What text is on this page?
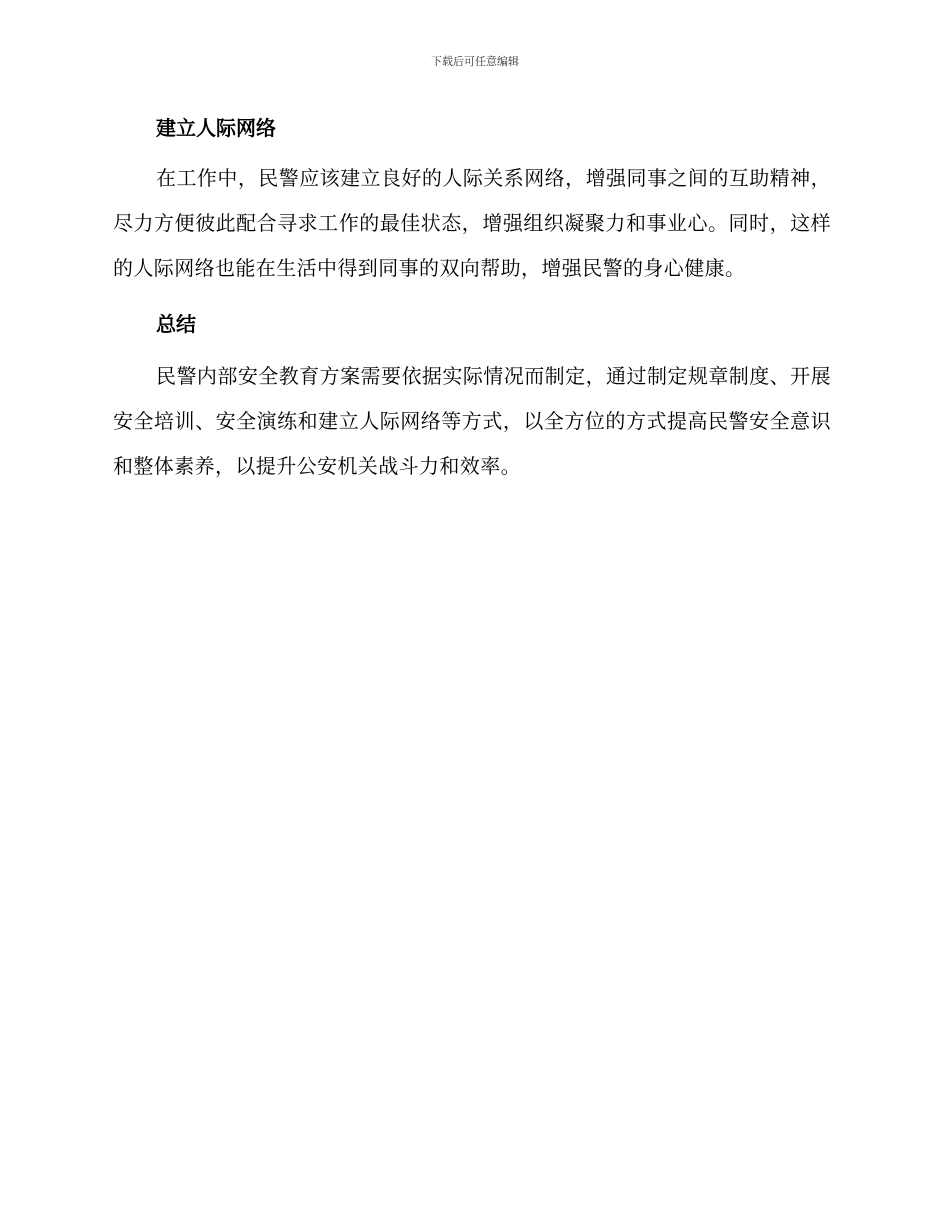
下载后可任意编辑
建立人际网络

在工作中，民警应该建立良好的人际关系网络，增强同事之间的互助精神，尽力方便彼此配合寻求工作的最佳状态，增强组织凝聚力和事业心。同时，这样的人际网络也能在生活中得到同事的双向帮助，增强民警的身心健康。

总结

民警内部安全教育方案需要依据实际情况而制定，通过制定规章制度、开展安全培训、安全演练和建立人际网络等方式，以全方位的方式提高民警安全意识和整体素养，以提升公安机关战斗力和效率。
